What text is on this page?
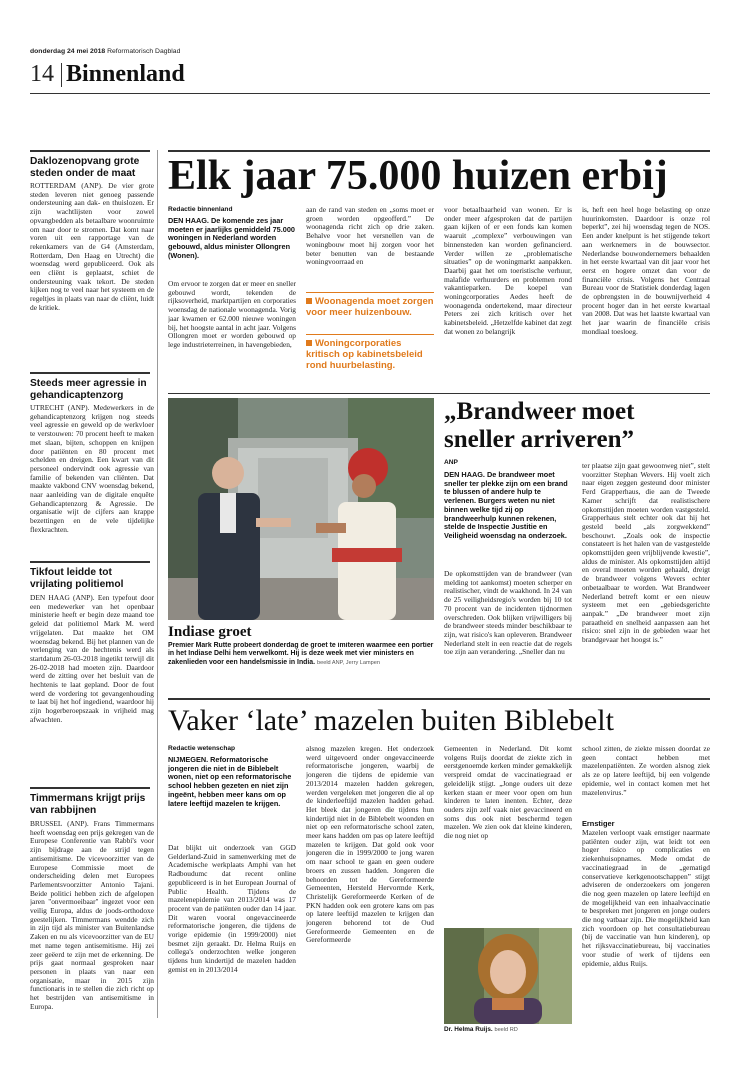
donderdag 24 mei 2018 Reformatorisch Dagblad
14 Binnenland
Daklozenopvang grote steden onder de maat
ROTTERDAM (ANP). De vier grote steden leveren niet genoeg passende ondersteuning aan dak- en thuislozen. Er zijn wachtlijsten voor zowel opvangbedden als betaalbare woonruimte om naar door te stromen. Dat komt naar voren uit een rapportage van de rekenkamers van de G4 (Amsterdam, Rotterdam, Den Haag en Utrecht) die woensdag werd gepubliceerd. Ook als een cliënt is geplaatst, schiet de ondersteuning vaak tekort. De steden kijken nog te veel naar het systeem en de regeltjes in plaats van naar de cliënt, luidt de kritiek.
Steeds meer agressie in gehandicaptenzorg
UTRECHT (ANP). Medewerkers in de gehandicaptenzorg krijgen nog steeds veel agressie en geweld op de werkvloer te verstouwen: 70 procent heeft te maken met slaan, bijten, schoppen en knijpen door patiënten en 80 procent met schelden en dreigen. Een kwart van dit personeel ondervindt ook agressie van familie of bekenden van cliënten. Dat maakte vakbond CNV woensdag bekend, naar aanleiding van de digitale enquête Gehandicaptenzorg & Agressie. De organisatie wijt de cijfers aan krappe bezettingen en de vele tijdelijke flexkrachten.
Tikfout leidde tot vrijlating politiemol
DEN HAAG (ANP). Een typefout door een medewerker van het openbaar ministerie heeft er begin deze maand toe geleid dat politiemol Mark M. werd vrijgelaten. Dat maakte het OM woensdag bekend. Bij het plannen van de verlenging van de hechtenis werd als startdatum 26-03-2018 ingetikt terwijl dit 26-02-2018 had moeten zijn. Daardoor werd de zitting over het besluit van de hechtenis te laat gepland. Door de fout werd de vordering tot gevangenhouding te laat bij het hof ingediend, waardoor hij zijn hogerberoepszaak in vrijheid mag afwachten.
Timmermans krijgt prijs van rabbijnen
BRUSSEL (ANP). Frans Timmermans heeft woensdag een prijs gekregen van de Europese Conferentie van Rabbi's voor zijn bijdrage aan de strijd tegen antisemitisme. De vicevoorzitter van de Europese Commissie moet de onderscheiding delen met Europees Parlementsvoorzitter Antonio Tajani. Beide politici hebben zich de afgelopen jaren "onvermoeibaar" ingezet voor een veilig Europa, aldus de joods-orthodoxe geestelijken. Timmermans wendde zich in zijn tijd als minister van Buitenlandse Zaken en nu als vicevoorzitter van de EU met name tegen antisemitisme. Hij zei zeer geëerd te zijn met de erkenning. De prijs gaat normaal gesproken naar personen in plaats van naar een organisatie, maar in 2015 zijn functionaris in te stellen die zich richt op het bestrijden van antisemitisme in Europa.
Elk jaar 75.000 huizen erbij
Redactie binnenland
DEN HAAG. De komende zes jaar moeten er jaarlijks gemiddeld 75.000 woningen in Nederland worden gebouwd, aldus minister Ollongren (Wonen).
Om ervoor te zorgen dat er meer en sneller gebouwd wordt, tekenden de rijksoverheid, marktpartijen en corporaties woensdag de nationale woonagenda. Vorig jaar kwamen er 62.000 nieuwe woningen bij, het hoogste aantal in acht jaar. Volgens Ollongren moet er worden gebouwd op lege industrieterreinen, in havengebieden,
aan de rand van steden en „soms moet er groen worden opgeofferd.” De woonagenda richt zich op drie zaken. Behalve voor het versnellen van de woningbouw moet hij zorgen voor het beter benutten van de bestaande woningvoorraad en
Woonagenda moet zorgen voor meer huizenbouw.
Woningcorporaties kritisch op kabinetsbeleid rond huurbelasting.
voor betaalbaarheid van wonen. Er is onder meer afgesproken dat de partijen gaan kijken of er een fonds kan komen waaruit „complexe” verbouwingen van binnensteden kan worden gefinancierd. Verder willen ze „problematische situaties” op de woningmarkt aanpakken. Daarbij gaat het om toeristische verhuur, malafide verhuurders en problemen rond vakantieparken. De koepel van woningcorporaties Aedes heeft de woonagenda ondertekend, maar directeur Peters zei zich kritisch over het kabinetsbeleid. „Hetzelfde kabinet dat zegt dat wonen zo belangrijk
is, heft een heel hoge belasting op onze huurinkomsten. Daardoor is onze rol beperkt”, zei hij woensdag tegen de NOS. Een ander knelpunt is het stijgende tekort aan werknemers in de bouwsector. Nederlandse bouwondernemers behaalden in het eerste kwartaal van dit jaar voor het eerst en hogere omzet dan voor de financiële crisis. Volgens het Centraal Bureau voor de Statistiek donderdag lagen de opbrengsten in de bouwnijverheid 4 procent hoger dan in het eerste kwartaal van 2008. Dat was het laatste kwartaal van het jaar waarin de financiële crisis mondiaal toesloeg.
Indiase groet
Premier Mark Rutte probeert donderdag de groet te imiteren waarmee een portier in het Indiase Delhi hem verwelkomt. Hij is deze week met vier ministers en zakenlieden voor een handelsmissie in India. beeld ANP, Jerry Lampen
„Brandweer moet
sneller arriveren”
ANP
DEN HAAG. De brandweer moet sneller ter plekke zijn om een brand te blussen of andere hulp te verlenen. Burgers weten nu niet binnen welke tijd zij op brandweerhulp kunnen rekenen, stelde de Inspectie Justitie en Veiligheid woensdag na onderzoek.
De opkomsttijden van de brandweer (van melding tot aankomst) moeten scherper en realistischer, vindt de waakhond. In 24 van de 25 veiligheidsregio's worden bij 10 tot 70 procent van de incidenten tijdnormen overschreden. Ook blijken vrijwilligers bij de brandweer steeds minder beschikbaar te zijn, wat risico's kan opleveren. Brandweer Nederland stelt in een reactie dat de regels toe zijn aan verandering. „Sneller dan nu
ter plaatse zijn gaat gewoonweg niet”, stelt voorzitter Stephan Wevers. Hij voelt zich naar eigen zeggen gesteund door minister Ferd Grapperhaus, die aan de Tweede Kamer schrijft dat realistischere opkomsttijden moeten worden vastgesteld. Grapperhaus stelt echter ook dat hij het gesteld beeld „als zorgwekkend” beschouwt. „Zoals ook de inspectie constateert is het halen van de vastgestelde opkomsttijden geen vrijblijvende kwestie”, aldus de minister. Als opkomsttijden altijd en overal moeten worden gehaald, dreigt de brandweer volgens Wevers echter onbetaalbaar te worden. Wat Brandweer Nederland betreft komt er een nieuw systeem met een „gebiedsgerichte aanpak.” „De brandweer moet zijn paraatheid en snelheid aanpassen aan het risico: snel zijn in de gebieden waar het brandgevaar het hoogst is.”
Vaker ‘late’ mazelen buiten Biblebelt
Redactie wetenschap
NIJMEGEN. Reformatorische jongeren die niet in de Biblebelt wonen, niet op een reformatorische school hebben gezeten en niet zijn ingeënt, hebben meer kans om op latere leeftijd mazelen te krijgen.
Dat blijkt uit onderzoek van GGD Gelderland-Zuid in samenwerking met de Academische werkplaats Amphi van het Radboudumc dat recent online gepubliceerd is in het European Journal of Public Health. Tijdens de mazelenepidemie van 2013/2014 was 17 procent van de patiënten ouder dan 14 jaar. Dit waren vooral ongevaccineerde reformatorische jongeren, die tijdens de vorige epidemie (in 1999/2000) niet besmet zijn geraakt. Dr. Helma Ruijs en collega's onderzochten welke jongeren tijdens hun kindertijd de mazelen hadden gemist en in 2013/2014
alsnog mazelen kregen. Het onderzoek werd uitgevoerd onder ongevaccineerde reformatorische jongeren, waarbij de jongeren die tijdens de epidemie van 2013/2014 mazelen hadden gekregen, werden vergeleken met jongeren die al op de kinderleeftijd mazelen hadden gehad. Het bleek dat jongeren die tijdens hun kindertijd niet in de Biblebelt woonden en niet op een reformatorische school zaten, meer kans hadden om pas op latere leeftijd mazelen te krijgen. Dat gold ook voor jongeren die in 1999/2000 te jong waren om naar school te gaan en geen oudere broers en zussen hadden. Jongeren die behoorden tot de Gereformeerde Gemeenten, Hersteld Hervormde Kerk, Christelijk Gereformeerde Kerken of de PKN hadden ook een grotere kans om pas op latere leeftijd mazelen te krijgen dan jongeren behorend tot de Oud Gereformeerde Gemeenten en de Gereformeerde
Gemeenten in Nederland. Dit komt volgens Ruijs doordat de ziekte zich in eerstgenoemde kerken minder gemakkelijk verspreid omdat de vaccinatiegraad er geleidelijk stijgt. „Jonge ouders uit deze kerken staan er meer voor open om hun kinderen te laten inenten. Echter, deze ouders zijn zelf vaak niet gevaccineerd en soms dus ook niet beschermd tegen mazelen. We zien ook dat kleine kinderen, die nog niet op
Dr. Helma Ruijs. beeld RD
school zitten, de ziekte missen doordat ze geen contact hebben met mazelenpatiënten. Ze worden alsnog ziek als ze op latere leeftijd, bij een volgende epidemie, wel in contact komen met het mazelenvirus.”
Ernstiger
Mazelen verloopt vaak ernstiger naarmate patiënten ouder zijn, wat leidt tot een hoger risico op complicaties en ziekenhuisopnames. Mede omdat de vaccinatiegraad in de „gematigd conservatieve kerkgenootschappen” stijgt adviseren de onderzoekers om jongeren die nog geen mazelen op latere leeftijd en de mogelijkheid van een inhaalvaccinatie te bespreken met jongeren en jonge ouders die nog vatbaar zijn. Die mogelijkheid kan zich voordoen op het consultatiebureau (bij de vaccinatie van hun kinderen), op het rijksvaccinatiebureau, bij vaccinaties voor studie of werk of tijdens een epidemie, aldus Ruijs.
